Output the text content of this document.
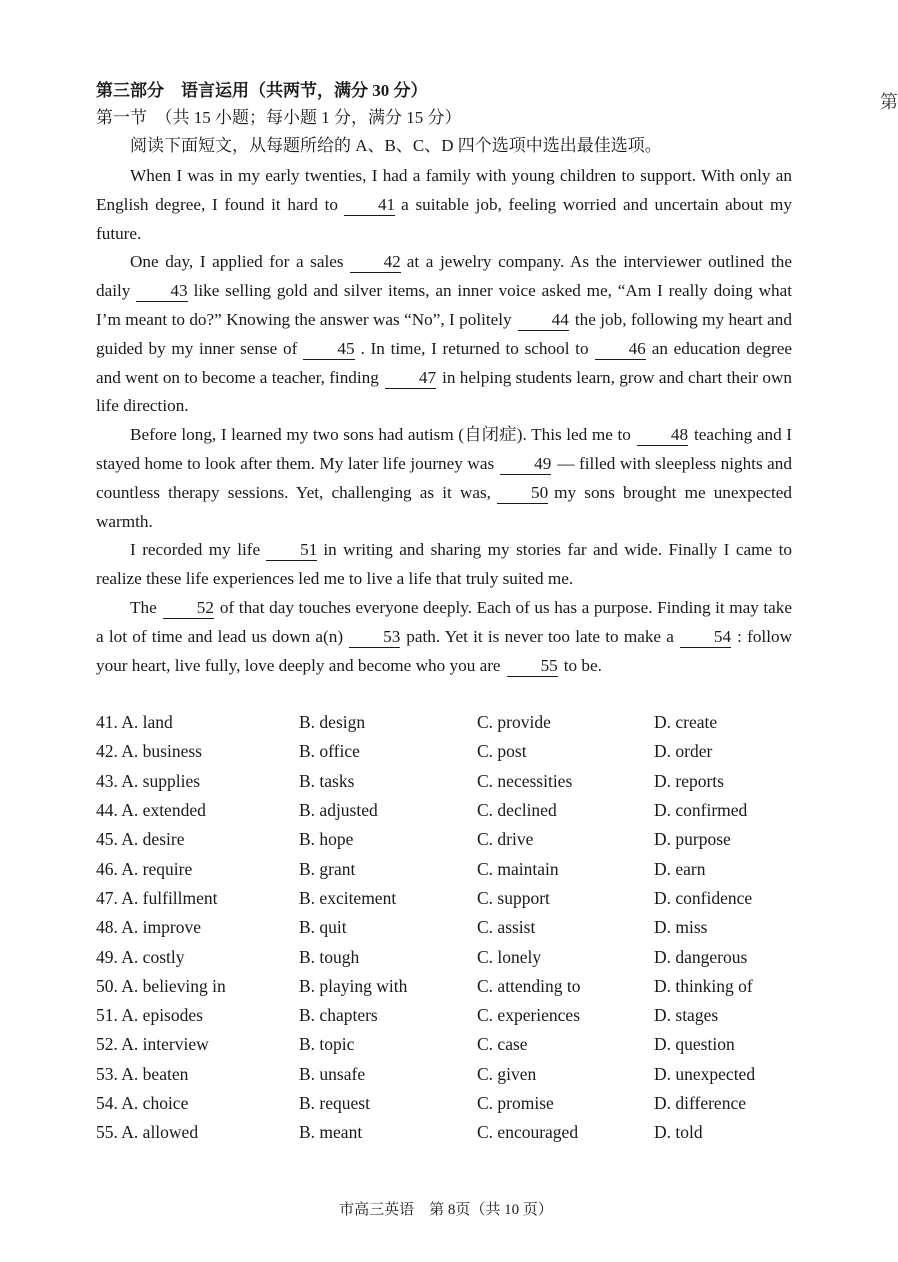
第
第三部分　语言运用（共两节，满分 30 分）
第一节　（共 15 小题；每小题 1 分，满分 15 分）
阅读下面短文，从每题所给的 A、B、C、D 四个选项中选出最佳选项。

When I was in my early twenties, I had a family with young children to support. With only an English degree, I found it hard to 41 a suitable job, feeling worried and uncertain about my future.

One day, I applied for a sales 42 at a jewelry company. As the interviewer outlined the daily 43 like selling gold and silver items, an inner voice asked me, “Am I really doing what I’m meant to do?” Knowing the answer was “No”, I politely 44 the job, following my heart and guided by my inner sense of 45 . In time, I returned to school to 46 an education degree and went on to become a teacher, finding 47 in helping students learn, grow and chart their own life direction.

Before long, I learned my two sons had autism (自闭症). This led me to 48 teaching and I stayed home to look after them. My later life journey was 49 — filled with sleepless nights and countless therapy sessions. Yet, challenging as it was, 50 my sons brought me unexpected warmth.

I recorded my life 51 in writing and sharing my stories far and wide. Finally I came to realize these life experiences led me to live a life that truly suited me.

The 52 of that day touches everyone deeply. Each of us has a purpose. Finding it may take a lot of time and lead us down a(n) 53 path. Yet it is never too late to make a 54 : follow your heart, live fully, love deeply and become who you are 55 to be.

41. A. land	B. design	C. provide	D. create
42. A. business	B. office	C. post	D. order
43. A. supplies	B. tasks	C. necessities	D. reports
44. A. extended	B. adjusted	C. declined	D. confirmed
45. A. desire	B. hope	C. drive	D. purpose
46. A. require	B. grant	C. maintain	D. earn
47. A. fulfillment	B. excitement	C. support	D. confidence
48. A. improve	B. quit	C. assist	D. miss
49. A. costly	B. tough	C. lonely	D. dangerous
50. A. believing in	B. playing with	C. attending to	D. thinking of
51. A. episodes	B. chapters	C. experiences	D. stages
52. A. interview	B. topic	C. case	D. question
53. A. beaten	B. unsafe	C. given	D. unexpected
54. A. choice	B. request	C. promise	D. difference
55. A. allowed	B. meant	C. encouraged	D. told
市高三英语　第 8页（共 10 页）
